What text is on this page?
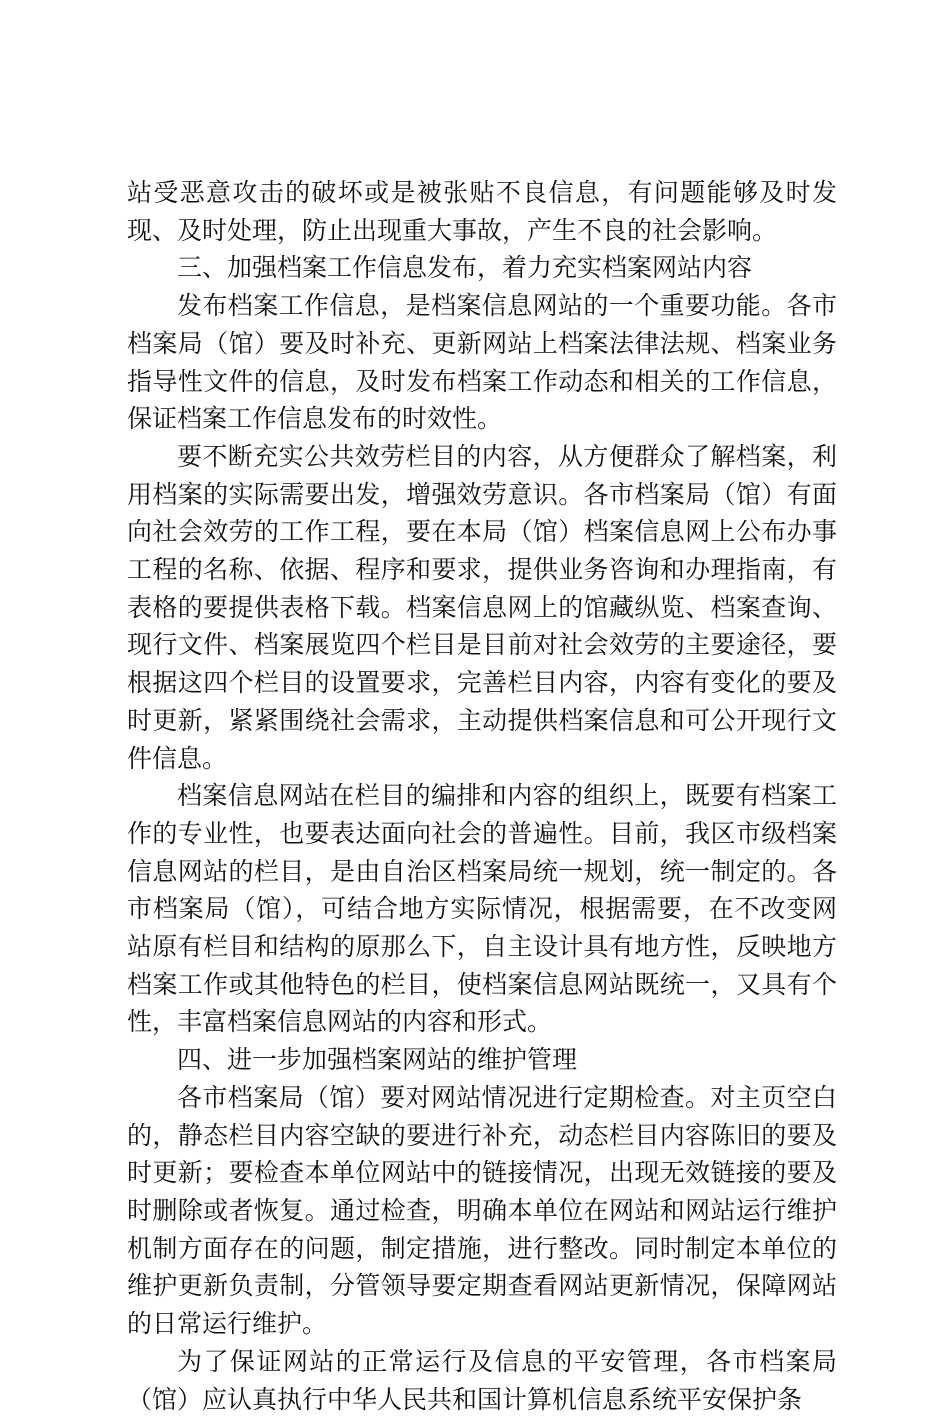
站受恶意攻击的破坏或是被张贴不良信息，有问题能够及时发现、及时处理，防止出现重大事故，产生不良的社会影响。

三、加强档案工作信息发布，着力充实档案网站内容

发布档案工作信息，是档案信息网站的一个重要功能。各市档案局（馆）要及时补充、更新网站上档案法律法规、档案业务指导性文件的信息，及时发布档案工作动态和相关的工作信息，保证档案工作信息发布的时效性。

要不断充实公共效劳栏目的内容，从方便群众了解档案，利用档案的实际需要出发，增强效劳意识。各市档案局（馆）有面向社会效劳的工作工程，要在本局（馆）档案信息网上公布办事工程的名称、依据、程序和要求，提供业务咨询和办理指南，有表格的要提供表格下载。档案信息网上的馆藏纵览、档案查询、现行文件、档案展览四个栏目是目前对社会效劳的主要途径，要根据这四个栏目的设置要求，完善栏目内容，内容有变化的要及时更新，紧紧围绕社会需求，主动提供档案信息和可公开现行文件信息。

档案信息网站在栏目的编排和内容的组织上，既要有档案工作的专业性，也要表达面向社会的普遍性。目前，我区市级档案信息网站的栏目，是由自治区档案局统一规划，统一制定的。各市档案局（馆），可结合地方实际情况，根据需要，在不改变网站原有栏目和结构的原那么下，自主设计具有地方性，反映地方档案工作或其他特色的栏目，使档案信息网站既统一，又具有个性，丰富档案信息网站的内容和形式。

四、进一步加强档案网站的维护管理

各市档案局（馆）要对网站情况进行定期检查。对主页空白的，静态栏目内容空缺的要进行补充，动态栏目内容陈旧的要及时更新；要检查本单位网站中的链接情况，出现无效链接的要及时删除或者恢复。通过检查，明确本单位在网站和网站运行维护机制方面存在的问题，制定措施，进行整改。同时制定本单位的维护更新负责制，分管领导要定期查看网站更新情况，保障网站的日常运行维护。

为了保证网站的正常运行及信息的平安管理，各市档案局（馆）应认真执行中华人民共和国计算机信息系统平安保护条
